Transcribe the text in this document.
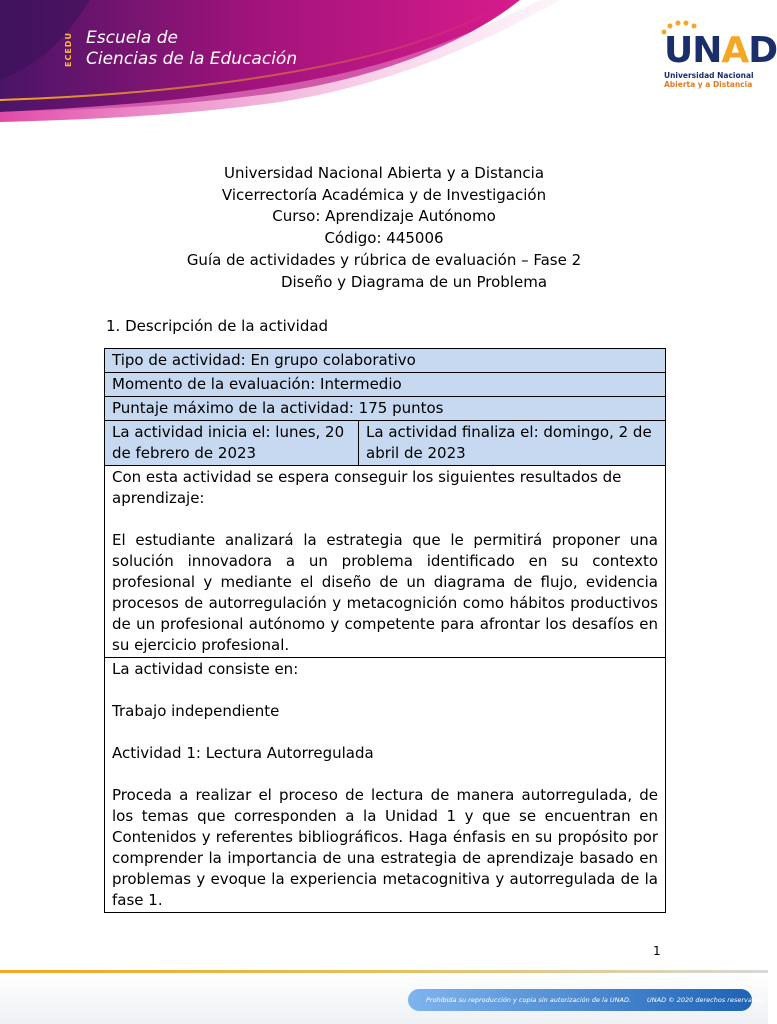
ECEDU Escuela de
Ciencias de la Educación	UNAD
Universidad Nacional
Abierta y a Distancia
Universidad Nacional Abierta y a Distancia
Vicerrectoría Académica y de Investigación
Curso: Aprendizaje Autónomo
Código: 445006
Guía de actividades y rúbrica de evaluación – Fase 2
Diseño y Diagrama de un Problema
1. Descripción de la actividad
Tipo de actividad: En grupo colaborativo
Momento de la evaluación: Intermedio
Puntaje máximo de la actividad: 175 puntos
La actividad inicia el: lunes, 20 de febrero de 2023
La actividad finaliza el: domingo, 2 de abril de 2023
Con esta actividad se espera conseguir los siguientes resultados de aprendizaje:
El estudiante analizará la estrategia que le permitirá proponer una solución innovadora a un problema identificado en su contexto profesional y mediante el diseño de un diagrama de flujo, evidencia procesos de autorregulación y metacognición como hábitos productivos de un profesional autónomo y competente para afrontar los desafíos en su ejercicio profesional.
La actividad consiste en:
Trabajo independiente
Actividad 1: Lectura Autorregulada
Proceda a realizar el proceso de lectura de manera autorregulada, de los temas que corresponden a la Unidad 1 y que se encuentran en Contenidos y referentes bibliográficos. Haga énfasis en su propósito por comprender la importancia de una estrategia de aprendizaje basado en problemas y evoque la experiencia metacognitiva y autorregulada de la fase 1.
1
Prohibida su reproducción y copia sin autorización de la UNAD. UNAD © 2020 derechos reservados.
